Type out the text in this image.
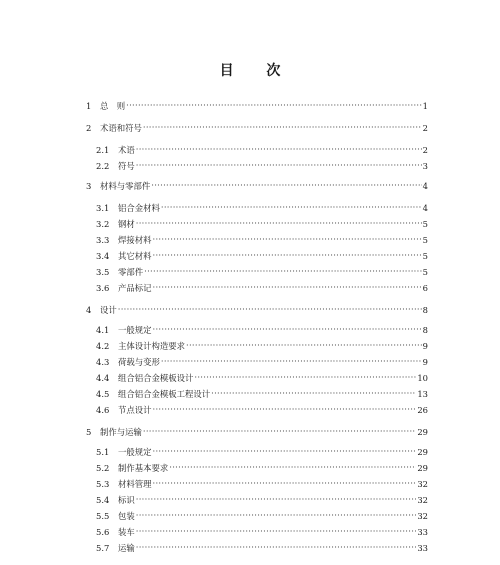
目 次
1	总　则 ·····	1
2	术语和符号 ·····	2
2.1	术语 ·····	2
2.2	符号 ·····	3
3	材料与零部件 ·····	4
3.1	铝合金材料 ·····	4
3.2	钢材 ·····	5
3.3	焊接材料 ·····	5
3.4	其它材料 ·····	5
3.5	零部件 ·····	5
3.6	产品标记 ·····	6
4	设计 ·····	8
4.1	一般规定 ·····	8
4.2	主体设计构造要求 ·····	9
4.3	荷载与变形 ·····	9
4.4	组合铝合金模板设计 ·····	10
4.5	组合铝合金模板工程设计 ·····	13
4.6	节点设计 ·····	26
5	制作与运输 ·····	29
5.1	一般规定 ·····	29
5.2	制作基本要求 ·····	29
5.3	材料管理 ·····	32
5.4	标识 ·····	32
5.5	包装 ·····	32
5.6	装车 ·····	33
5.7	运输 ·····	33
